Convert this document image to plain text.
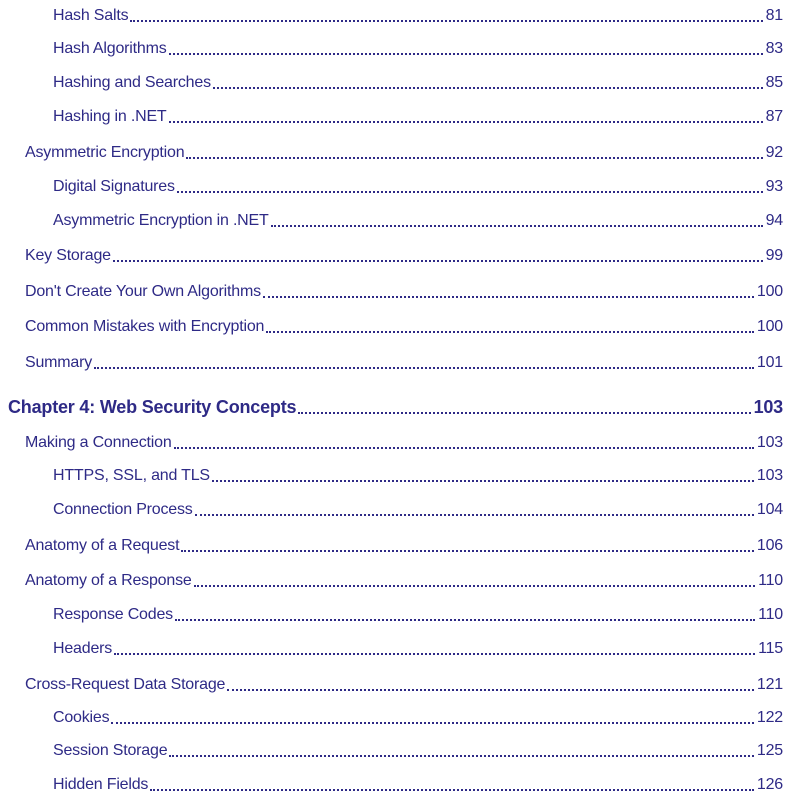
Hash Salts	81
Hash Algorithms	83
Hashing and Searches	85
Hashing in .NET	87
Asymmetric Encryption	92
Digital Signatures	93
Asymmetric Encryption in .NET	94
Key Storage	99
Don't Create Your Own Algorithms	100
Common Mistakes with Encryption	100
Summary	101
Chapter 4: Web Security Concepts	103
Making a Connection	103
HTTPS, SSL, and TLS	103
Connection Process	104
Anatomy of a Request	106
Anatomy of a Response	110
Response Codes	110
Headers	115
Cross-Request Data Storage	121
Cookies	122
Session Storage	125
Hidden Fields	126
